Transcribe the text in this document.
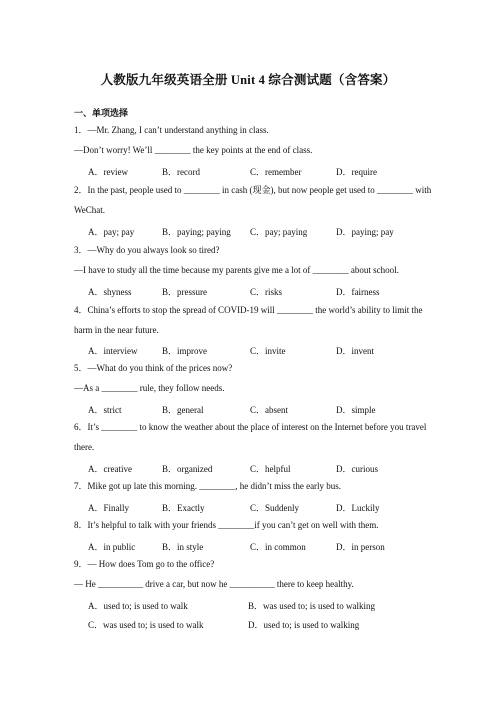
人教版九年级英语全册 Unit 4 综合测试题（含答案）
一、单项选择
1．—Mr. Zhang, I can’t understand anything in class.
—Don’t worry! We’ll ________ the key points at the end of class.
A．review	B．record	C．remember	D．require
2．In the past, people used to ________ in cash (现金), but now people get used to ________ with
WeChat.
A．pay; pay	B．paying; paying C．pay; paying	D．paying; pay
3．—Why do you always look so tired?
—I have to study all the time because my parents give me a lot of ________ about school.
A．shyness	B．pressure	C．risks	D．fairness
4．China’s efforts to stop the spread of COVID-19 will ________ the world’s ability to limit the
harm in the near future.
A．interview	B．improve	C．invite	D．invent
5．—What do you think of the prices now?
—As a ________ rule, they follow needs.
A．strict	B．general	C．absent	D．simple
6．It’s ________ to know the weather about the place of interest on the Internet before you travel
there.
A．creative	B．organized	C．helpful	D．curious
7．Mike got up late this morning. ________, he didn’t miss the early bus.
A．Finally	B．Exactly	C．Suddenly	D．Luckily
8．It’s helpful to talk with your friends ________if you can’t get on well with them.
A．in public	B．in style	C．in common	D．in person
9．— How does Tom go to the office?
— He __________ drive a car, but now he __________ there to keep healthy.
A．used to; is used to walk	B．was used to; is used to walking
C．was used to; is used to walk	D．used to; is used to walking
